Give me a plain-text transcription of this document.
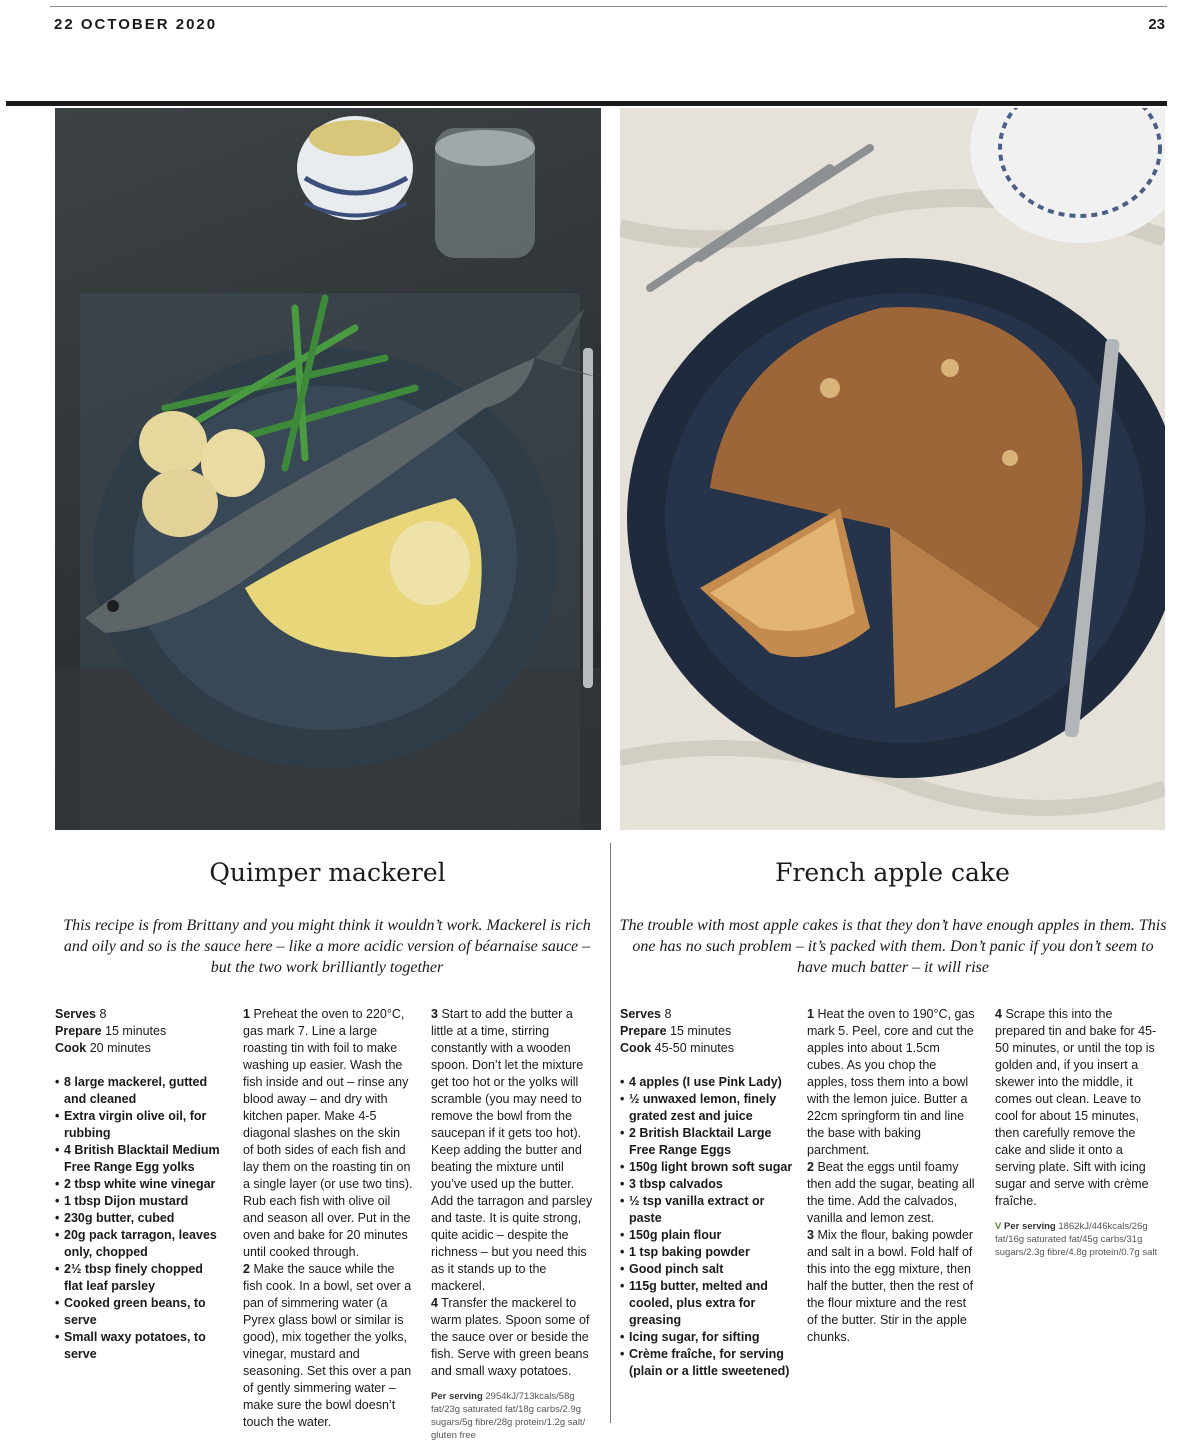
22 OCTOBER 2020	23
Quimper mackerel	French apple cake
This recipe is from Brittany and you might think it wouldn’t work. Mackerel is rich and oily and so is the sauce here – like a more acidic version of béarnaise sauce – but the two work brilliantly together
The trouble with most apple cakes is that they don’t have enough apples in them. This one has no such problem – it’s packed with them. Don’t panic if you don’t seem to have much batter – it will rise
Serves 8
Prepare 15 minutes
Cook 20 minutes
• 8 large mackerel, gutted and cleaned
• Extra virgin olive oil, for rubbing
• 4 British Blacktail Medium Free Range Egg yolks
• 2 tbsp white wine vinegar
• 1 tbsp Dijon mustard
• 230g butter, cubed
• 20g pack tarragon, leaves only, chopped
• 2½ tbsp finely chopped flat leaf parsley
• Cooked green beans, to serve
• Small waxy potatoes, to serve

1 Preheat the oven to 220°C, gas mark 7. Line a large roasting tin with foil to make washing up easier. Wash the fish inside and out – rinse any blood away – and dry with kitchen paper. Make 4-5 diagonal slashes on the skin of both sides of each fish and lay them on the roasting tin on a single layer (or use two tins). Rub each fish with olive oil and season all over. Put in the oven and bake for 20 minutes until cooked through.

2 Make the sauce while the fish cook. In a bowl, set over a pan of simmering water (a Pyrex glass bowl or similar is good), mix together the yolks, vinegar, mustard and seasoning. Set this over a pan of gently simmering water – make sure the bowl doesn’t touch the water.

3 Start to add the butter a little at a time, stirring constantly with a wooden spoon. Don’t let the mixture get too hot or the yolks will scramble (you may need to remove the bowl from the saucepan if it gets too hot). Keep adding the butter and beating the mixture until you’ve used up the butter. Add the tarragon and parsley and taste. It is quite strong, quite acidic – despite the richness – but you need this as it stands up to the mackerel.

4 Transfer the mackerel to warm plates. Spoon some of the sauce over or beside the fish. Serve with green beans and small waxy potatoes.

Per serving 2954kJ/713kcals/58g fat/23g saturated fat/18g carbs/2.9g sugars/5g fibre/28g protein/1.2g salt/ gluten free
Serves 8
Prepare 15 minutes
Cook 45-50 minutes
• 4 apples (I use Pink Lady)
• ½ unwaxed lemon, finely grated zest and juice
• 2 British Blacktail Large Free Range Eggs
• 150g light brown soft sugar
• 3 tbsp calvados
• ½ tsp vanilla extract or paste
• 150g plain flour
• 1 tsp baking powder
• Good pinch salt
• 115g butter, melted and cooled, plus extra for greasing
• Icing sugar, for sifting
• Crème fraîche, for serving (plain or a little sweetened)

1 Heat the oven to 190°C, gas mark 5. Peel, core and cut the apples into about 1.5cm cubes. As you chop the apples, toss them into a bowl with the lemon juice. Butter a 22cm springform tin and line the base with baking parchment.

2 Beat the eggs until foamy then add the sugar, beating all the time. Add the calvados, vanilla and lemon zest.

3 Mix the flour, baking powder and salt in a bowl. Fold half of this into the egg mixture, then half the butter, then the rest of the flour mixture and the rest of the butter. Stir in the apple chunks.

4 Scrape this into the prepared tin and bake for 45-50 minutes, or until the top is golden and, if you insert a skewer into the middle, it comes out clean. Leave to cool for about 15 minutes, then carefully remove the cake and slide it onto a serving plate. Sift with icing sugar and serve with crème fraîche.

V Per serving 1862kJ/446kcals/26g fat/16g saturated fat/45g carbs/31g sugars/2.3g fibre/4.8g protein/0.7g salt
